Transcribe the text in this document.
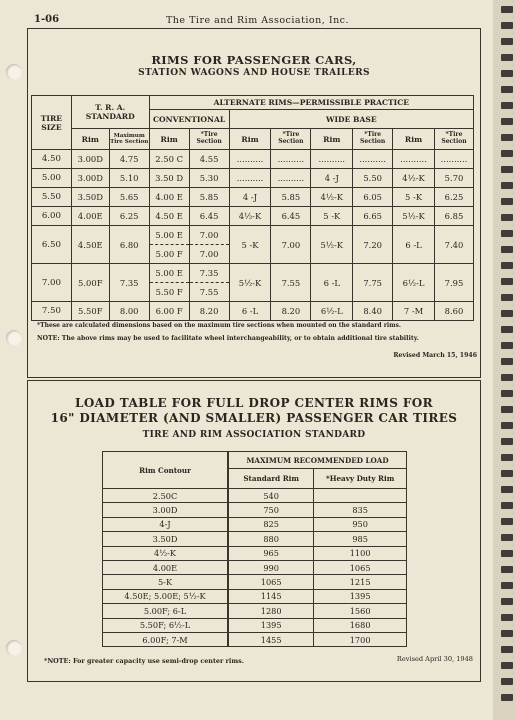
1-06	The Tire and Rim Association, Inc.
RIMS FOR PASSENGER CARS,
STATION WAGONS AND HOUSE TRAILERS
TIRE SIZE	T. R. A. STANDARD		ALTERNATE RIMS—PERMISSIBLE PRACTICE							
			CONVENTIONAL		WIDE BASE					
	Rim	Maximum Tire Section	Rim	*Tire Section	Rim	*Tire Section	Rim	*Tire Section	Rim	*Tire Section
4.50	3.00D	4.75	2.50 C	4.55	..........	..........	..........	..........	..........	..........
5.00	3.00D	5.10	3.50 D	5.30	..........	..........	4 -J	5.50	4½-K	5.70
5.50	3.50D	5.65	4.00 E	5.85	4 -J	5.85	4½-K	6.05	5 -K	6.25
6.00	4.00E	6.25	4.50 E	6.45	4½-K	6.45	5 -K	6.65	5½-K	6.85
6.50	4.50E	6.80	5.00 E	7.00	5 -K	7.00	5½-K	7.20	6 -L	7.40
			5.00 F	7.00						
7.00	5.00F	7.35	5.00 E	7.35	5½-K	7.55	6 -L	7.75	6½-L	7.95
			5.50 F	7.55						
7.50	5.50F	8.00	6.00 F	8.20	6 -L	8.20	6½-L	8.40	7 -M	8.60
*These are calculated dimensions based on the maximum tire sections when mounted on the standard rims.
NOTE: The above rims may be used to facilitate wheel interchangeability, or to obtain additional tire stability.
Revised March 15, 1946
LOAD TABLE FOR FULL DROP CENTER RIMS FOR
16" DIAMETER (AND SMALLER) PASSENGER CAR TIRES
TIRE AND RIM ASSOCIATION STANDARD
Rim Contour	MAXIMUM RECOMMENDED LOAD	
	Standard Rim	*Heavy Duty Rim
2.50C	540	
3.00D	750	835
4-J	825	950
3.50D	880	985
4½-K	965	1100
4.00E	990	1065
5-K	1065	1215
4.50E; 5.00E; 5½-K	1145	1395
5.00F; 6-L	1280	1560
5.50F; 6½-L	1395	1680
6.00F; 7-M	1455	1700
*NOTE: For greater capacity use semi-drop center rims.	Revised April 30, 1948
